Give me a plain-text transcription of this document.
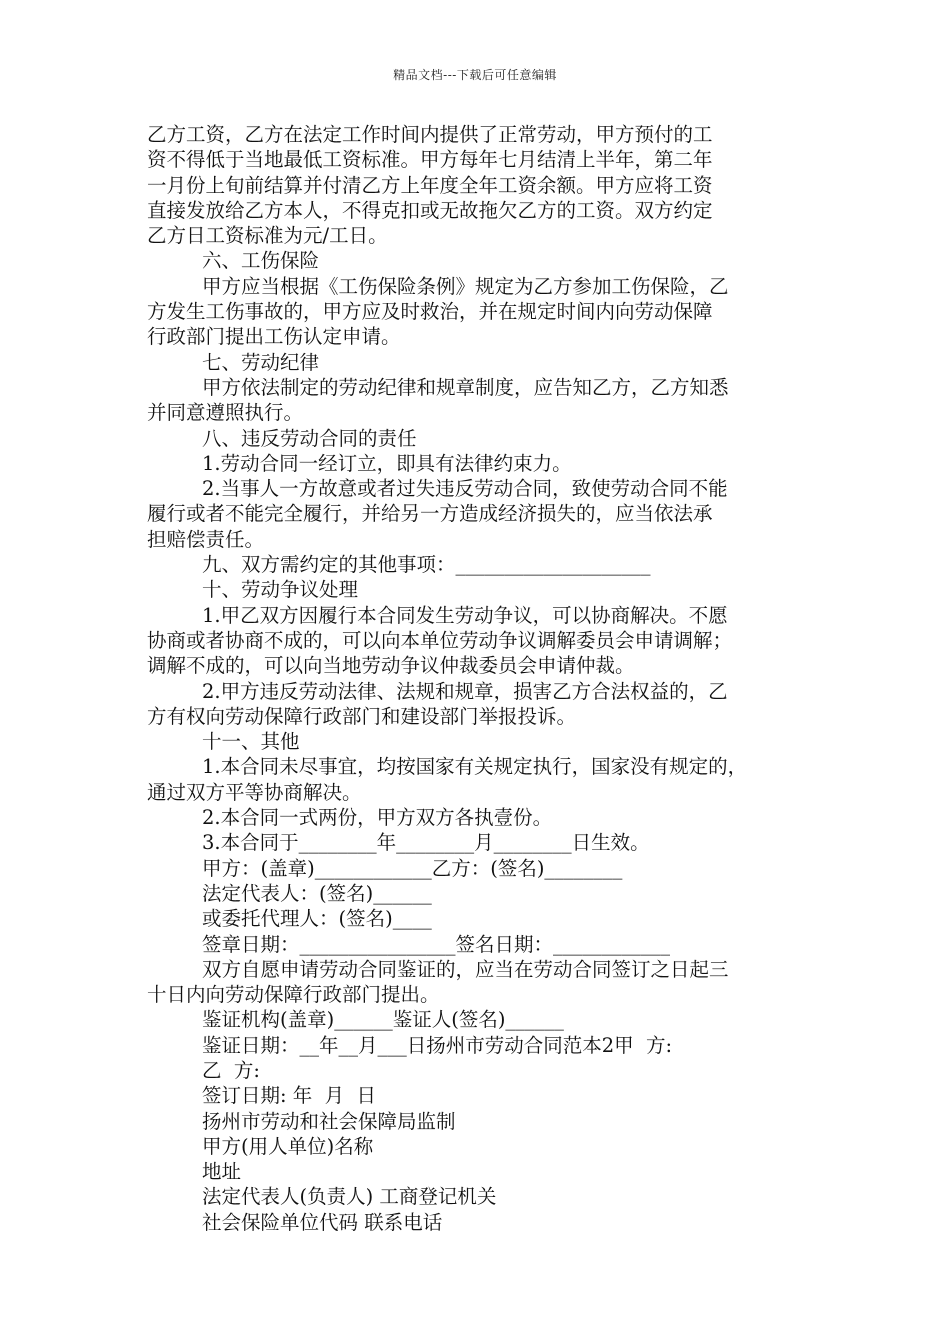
精品文档---下载后可任意编辑
乙方工资，乙方在法定工作时间内提供了正常劳动，甲方预付的工
资不得低于当地最低工资标准。甲方每年七月结清上半年，第二年
一月份上旬前结算并付清乙方上年度全年工资余额。甲方应将工资
直接发放给乙方本人，不得克扣或无故拖欠乙方的工资。双方约定
乙方日工资标准为元/工日。
六、工伤保险
甲方应当根据《工伤保险条例》规定为乙方参加工伤保险，乙
方发生工伤事故的，甲方应及时救治，并在规定时间内向劳动保障
行政部门提出工伤认定申请。
七、劳动纪律
甲方依法制定的劳动纪律和规章制度，应告知乙方，乙方知悉
并同意遵照执行。
八、违反劳动合同的责任
1.劳动合同一经订立，即具有法律约束力。
2.当事人一方故意或者过失违反劳动合同，致使劳动合同不能
履行或者不能完全履行，并给另一方造成经济损失的，应当依法承
担赔偿责任。
九、双方需约定的其他事项：____________________
十、劳动争议处理
1.甲乙双方因履行本合同发生劳动争议，可以协商解决。不愿
协商或者协商不成的，可以向本单位劳动争议调解委员会申请调解；
调解不成的，可以向当地劳动争议仲裁委员会申请仲裁。
2.甲方违反劳动法律、法规和规章，损害乙方合法权益的，乙
方有权向劳动保障行政部门和建设部门举报投诉。
十一、其他
1.本合同未尽事宜，均按国家有关规定执行，国家没有规定的，
通过双方平等协商解决。
2.本合同一式两份，甲方双方各执壹份。
3.本合同于________年________月________日生效。
甲方：(盖章)____________乙方：(签名)________
法定代表人：(签名)______
或委托代理人：(签名)____
签章日期：________________签名日期：____________
双方自愿申请劳动合同鉴证的，应当在劳动合同签订之日起三
十日内向劳动保障行政部门提出。
鉴证机构(盖章)______鉴证人(签名)______
鉴证日期：__年__月___日扬州市劳动合同范本2甲  方:
乙  方:
签订日期: 年  月  日
扬州市劳动和社会保障局监制
甲方(用人单位)名称
地址
法定代表人(负责人) 工商登记机关
社会保险单位代码 联系电话
